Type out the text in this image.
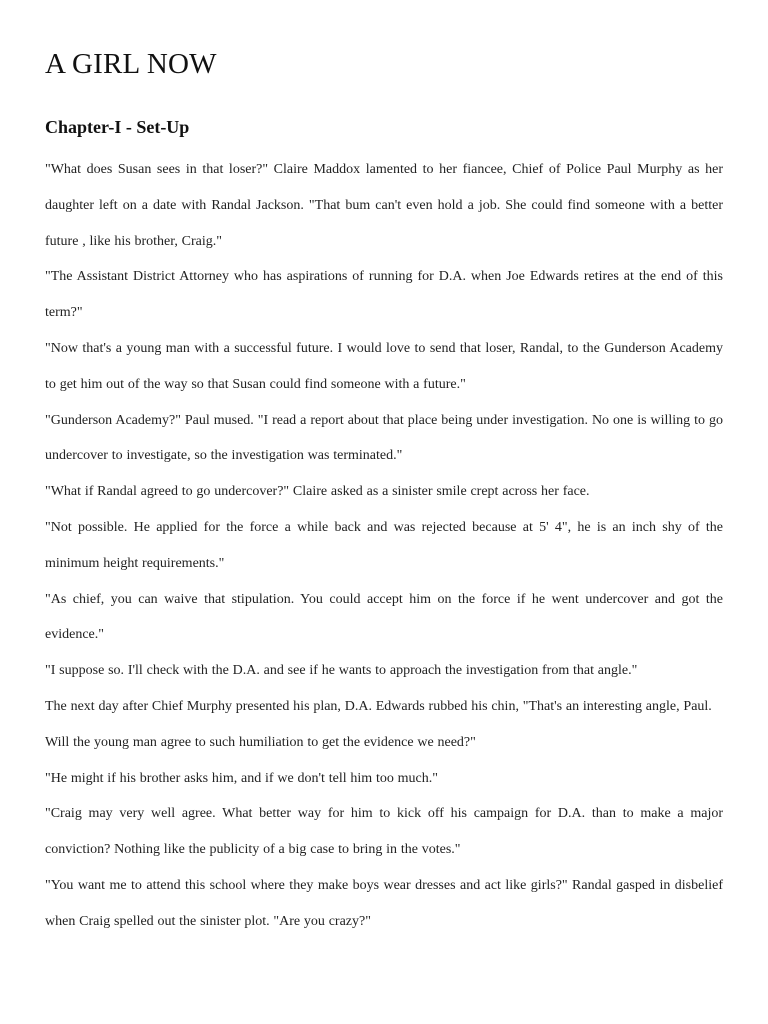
A GIRL NOW
Chapter-I - Set-Up

"What does Susan sees in that loser?" Claire Maddox lamented to her fiancee, Chief of Police Paul Murphy as her daughter left on a date with Randal Jackson. "That bum can't even hold a job. She could find someone with a better future , like his brother, Craig."

"The Assistant District Attorney who has aspirations of running for D.A. when Joe Edwards retires at the end of this term?"

"Now that's a young man with a successful future. I would love to send that loser, Randal, to the Gunderson Academy to get him out of the way so that Susan could find someone with a future."

"Gunderson Academy?" Paul mused. "I read a report about that place being under investigation. No one is willing to go undercover to investigate, so the investigation was terminated."

"What if Randal agreed to go undercover?" Claire asked as a sinister smile crept across her face.

"Not possible. He applied for the force a while back and was rejected because at 5' 4", he is an inch shy of the minimum height requirements."

"As chief, you can waive that stipulation. You could accept him on the force if he went undercover and got the evidence."

"I suppose so. I'll check with the D.A. and see if he wants to approach the investigation from that angle."

The next day after Chief Murphy presented his plan, D.A. Edwards rubbed his chin, "That's an interesting angle, Paul.

Will the young man agree to such humiliation to get the evidence we need?"

"He might if his brother asks him, and if we don't tell him too much."

"Craig may very well agree. What better way for him to kick off his campaign for D.A. than to make a major conviction? Nothing like the publicity of a big case to bring in the votes."

"You want me to attend this school where they make boys wear dresses and act like girls?" Randal gasped in disbelief when Craig spelled out the sinister plot. "Are you crazy?"
